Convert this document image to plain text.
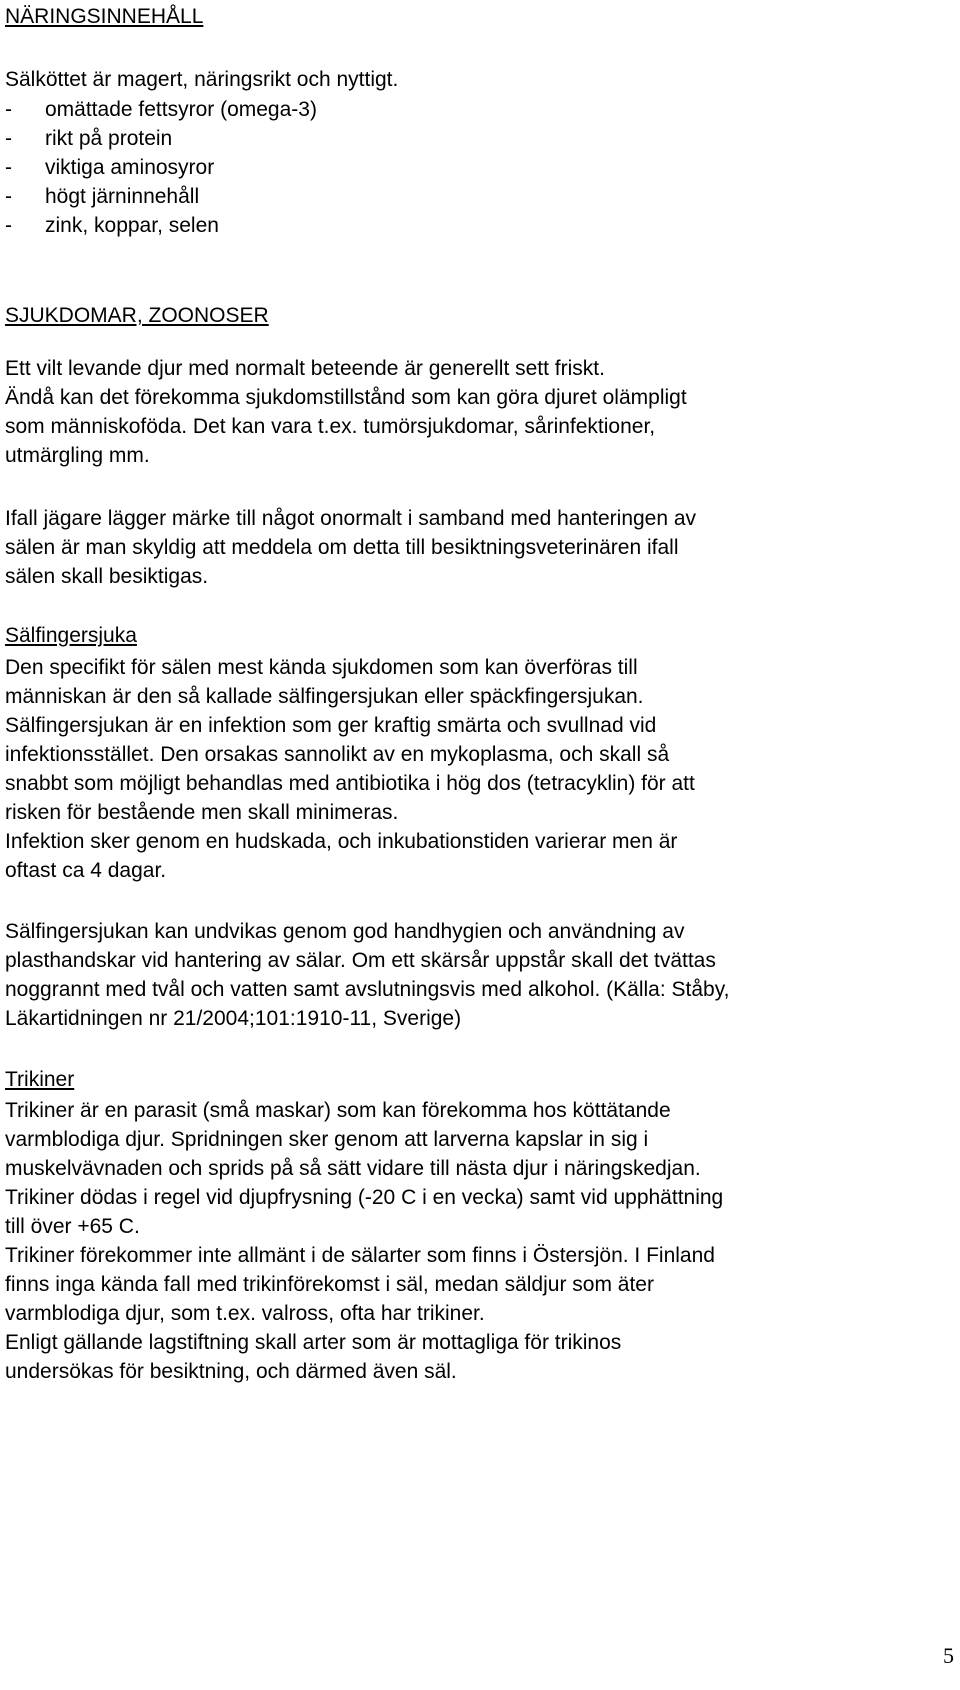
NÄRINGSINNEHÅLL
Sälköttet är magert, näringsrikt och nyttigt.
- omättade fettsyror (omega-3)
- rikt på protein
- viktiga aminosyror
- högt järninnehåll
- zink, koppar, selen
SJUKDOMAR, ZOONOSER
Ett vilt levande djur med normalt beteende är generellt sett friskt.
Ändå kan det förekomma sjukdomstillstånd som kan göra djuret olämpligt
som människoföda. Det kan vara t.ex. tumörsjukdomar, sårinfektioner,
utmärgling mm.
Ifall jägare lägger märke till något onormalt i samband med hanteringen av
sälen är man skyldig att meddela om detta till besiktningsveterinären ifall
sälen skall besiktigas.
Sälfingersjuka
Den specifikt för sälen mest kända sjukdomen som kan överföras till
människan är den så kallade sälfingersjukan eller späckfingersjukan.
Sälfingersjukan är en infektion som ger kraftig smärta och svullnad vid
infektionsstället. Den orsakas sannolikt av en mykoplasma, och skall så
snabbt som möjligt behandlas med antibiotika i hög dos (tetracyklin) för att
risken för bestående men skall minimeras.
Infektion sker genom en hudskada, och inkubationstiden varierar men är
oftast ca 4 dagar.
Sälfingersjukan kan undvikas genom god handhygien och användning av
plasthandskar vid hantering av sälar. Om ett skärsår uppstår skall det tvättas
noggrannt med tvål och vatten samt avslutningsvis med alkohol. (Källa: Ståby,
Läkartidningen nr 21/2004;101:1910-11, Sverige)
Trikiner
Trikiner är en parasit (små maskar) som kan förekomma hos köttätande
varmblodiga djur. Spridningen sker genom att larverna kapslar in sig i
muskelvävnaden och sprids på så sätt vidare till nästa djur i näringskedjan.
Trikiner dödas i regel vid djupfrysning (-20 C i en vecka) samt vid upphättning
till över +65 C.
Trikiner förekommer inte allmänt i de sälarter som finns i Östersjön. I Finland
finns inga kända fall med trikinförekomst i säl, medan säldjur som äter
varmblodiga djur, som t.ex. valross, ofta har trikiner.
Enligt gällande lagstiftning skall arter som är mottagliga för trikinos
undersökas för besiktning, och därmed även säl.
5
